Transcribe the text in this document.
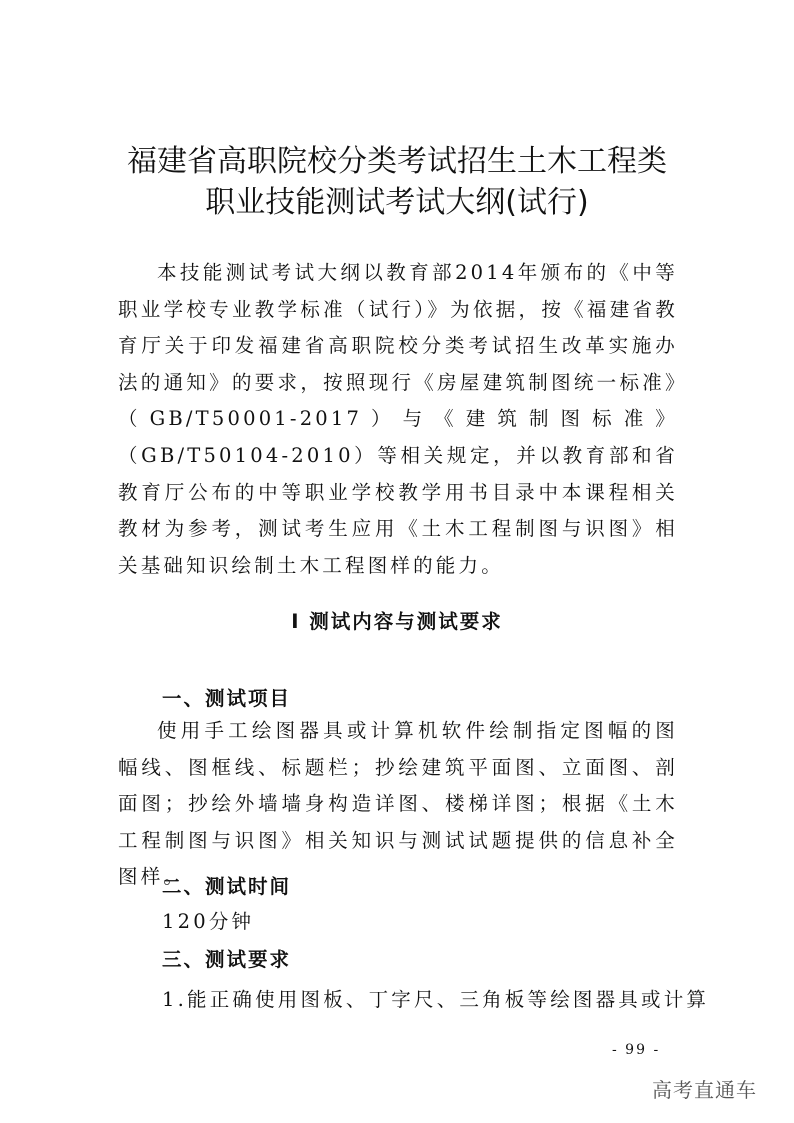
福建省高职院校分类考试招生土木工程类
职业技能测试考试大纲(试行)
本技能测试考试大纲以教育部2014年颁布的《中等职业学校专业教学标准（试行）》为依据，按《福建省教育厅关于印发福建省高职院校分类考试招生改革实施办法的通知》的要求，按照现行《房屋建筑制图统一标准》（GB/T50001-2017）与《建筑制图标准》（GB/T50104-2010）等相关规定，并以教育部和省教育厅公布的中等职业学校教学用书目录中本课程相关教材为参考，测试考生应用《土木工程制图与识图》相关基础知识绘制土木工程图样的能力。
Ⅰ 测试内容与测试要求
一、测试项目
使用手工绘图器具或计算机软件绘制指定图幅的图幅线、图框线、标题栏；抄绘建筑平面图、立面图、剖面图；抄绘外墙墙身构造详图、楼梯详图；根据《土木工程制图与识图》相关知识与测试试题提供的信息补全图样。
二、测试时间
120分钟
三、测试要求
1.能正确使用图板、丁字尺、三角板等绘图器具或计算
- 99 -
高考直通车
